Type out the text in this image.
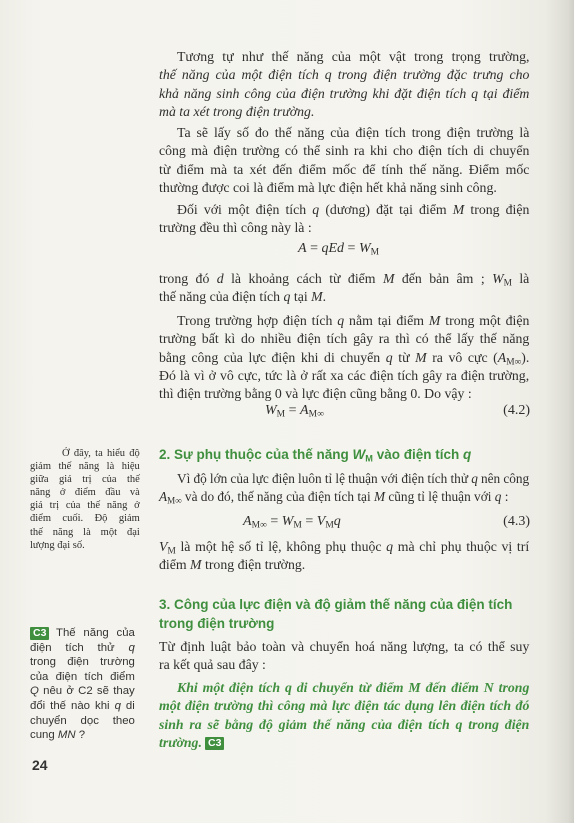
Tương tự như thế năng của một vật trong trọng trường,
thế năng của một điện tích q trong điện trường đặc trưng cho
khả năng sinh công của điện trường khi đặt điện tích q tại điểm
mà ta xét trong điện trường.
Ta sẽ lấy số đo thế năng của điện tích trong điện trường là
công mà điện trường có thể sinh ra khi cho điện tích di chuyển
từ điểm mà ta xét đến điểm mốc để tính thế năng. Điểm mốc
thường được coi là điểm mà lực điện hết khả năng sinh công.
Đối với một điện tích q (dương) đặt tại điểm M trong điện
trường đều thì công này là :
A = qEd = $W_M$
trong đó d là khoảng cách từ điểm M đến bản âm ; $W_M$ là
thế năng của điện tích q tại M.
Trong trường hợp điện tích q nằm tại điểm M trong một điện
trường bất kì do nhiều điện tích gây ra thì có thể lấy thế năng
bằng công của lực điện khi di chuyển q từ M ra vô cực $(A_{M\infty})$.
Đó là vì ở vô cực, tức là ở rất xa các điện tích gây ra điện trường,
thì điện trường bằng 0 và lực điện cũng bằng 0. Do vậy :
$W_M = A_{M\infty}$	(4.2)
2. Sự phụ thuộc của thế năng $W_M$ vào điện tích q
Vì độ lớn của lực điện luôn tỉ lệ thuận với điện tích thử q nên công
$A_{M\infty}$ và do đó, thế năng của điện tích tại M cũng tỉ lệ thuận với q :
$A_{M\infty} = W_M = V_Mq$	(4.3)
$V_M$ là một hệ số tỉ lệ, không phụ thuộc q mà chỉ phụ thuộc vị trí
điểm M trong điện trường.
3. Công của lực điện và độ giảm thế năng của điện tích
trong điện trường
Từ định luật bảo toàn và chuyển hoá năng lượng, ta có thể suy
ra kết quả sau đây :
Khi một điện tích q di chuyển từ điểm M đến điểm N trong
một điện trường thì công mà lực điện tác dụng lên điện tích đó
sinh ra sẽ bằng độ giảm thế năng của điện tích q trong điện
trường. C3
Ở đây, ta hiểu độ
giảm thế năng là hiệu
giữa giá trị của thế
năng ở điểm đầu và
giá trị của thế năng ở
điểm cuối. Độ giảm
thế năng là một đại
lượng đại số.
C3 Thế năng của
điện tích thử q
trong điện trường
của điện tích điểm
Q nêu ở C2 sẽ thay
đổi thế nào khi q di
chuyển dọc theo
cung MN ?
24
